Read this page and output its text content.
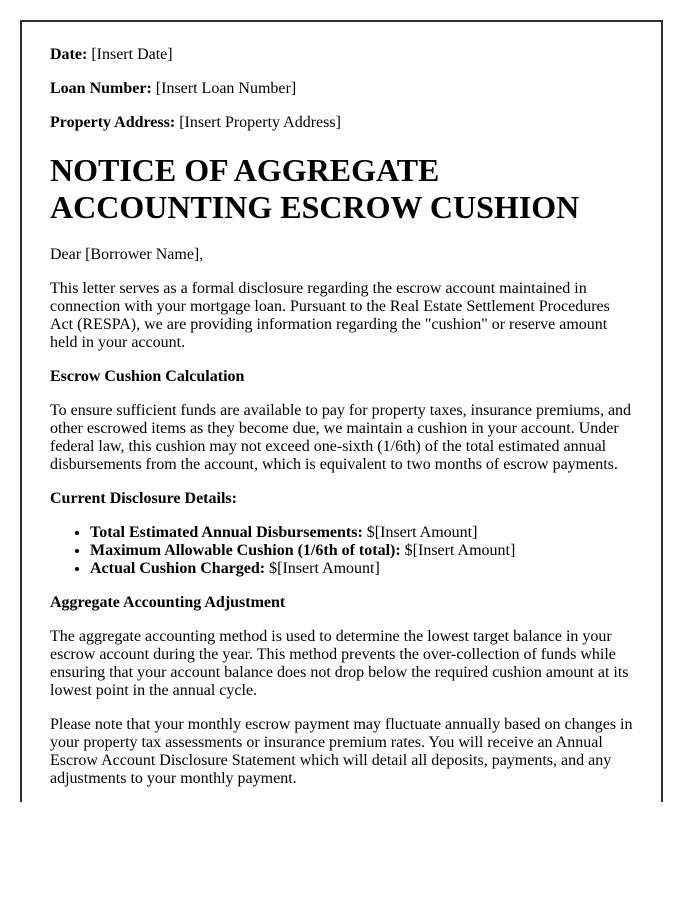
Date: [Insert Date]

Loan Number: [Insert Loan Number]

Property Address: [Insert Property Address]

NOTICE OF AGGREGATE ACCOUNTING ESCROW CUSHION

Dear [Borrower Name],

This letter serves as a formal disclosure regarding the escrow account maintained in connection with your mortgage loan. Pursuant to the Real Estate Settlement Procedures Act (RESPA), we are providing information regarding the "cushion" or reserve amount held in your account.

Escrow Cushion Calculation

To ensure sufficient funds are available to pay for property taxes, insurance premiums, and other escrowed items as they become due, we maintain a cushion in your account. Under federal law, this cushion may not exceed one-sixth (1/6th) of the total estimated annual disbursements from the account, which is equivalent to two months of escrow payments.

Current Disclosure Details:

• Total Estimated Annual Disbursements: $[Insert Amount]
• Maximum Allowable Cushion (1/6th of total): $[Insert Amount]
• Actual Cushion Charged: $[Insert Amount]

Aggregate Accounting Adjustment

The aggregate accounting method is used to determine the lowest target balance in your escrow account during the year. This method prevents the over-collection of funds while ensuring that your account balance does not drop below the required cushion amount at its lowest point in the annual cycle.

Please note that your monthly escrow payment may fluctuate annually based on changes in your property tax assessments or insurance premium rates. You will receive an Annual Escrow Account Disclosure Statement which will detail all deposits, payments, and any adjustments to your monthly payment.
